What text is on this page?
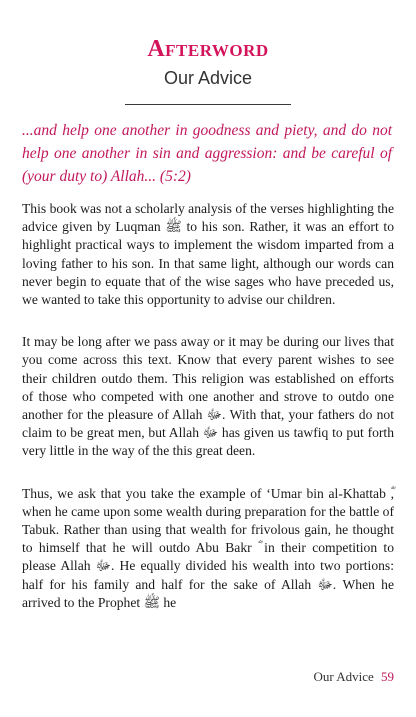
Afterword
Our Advice

...and help one another in goodness and piety, and do not help one another in sin and aggression: and be careful of (your duty to) Allah... (5:2)

This book was not a scholarly analysis of the verses highlighting the advice given by Luqman ﷺ to his son. Rather, it was an effort to highlight practical ways to implement the wisdom imparted from a loving father to his son. In that same light, although our words can never begin to equate that of the wise sages who have preceded us, we wanted to take this opportunity to advise our children.

It may be long after we pass away or it may be during our lives that you come across this text. Know that every parent wishes to see their children outdo them. This religion was established on efforts of those who competed with one another and strove to outdo one another for the pleasure of Allah ﷻ. With that, your fathers do not claim to be great men, but Allah ﷻ has given us tawfiq to put forth very little in the way of the this great deen.

Thus, we ask that you take the example of ‘Umar bin al-Khattab ؓ, when he came upon some wealth during preparation for the battle of Tabuk. Rather than using that wealth for frivolous gain, he thought to himself that he will outdo Abu Bakr ؓ in their competition to please Allah ﷻ. He equally divided his wealth into two portions: half for his family and half for the sake of Allah ﷻ. When he arrived to the Prophet ﷺ he

Our Advice 59
